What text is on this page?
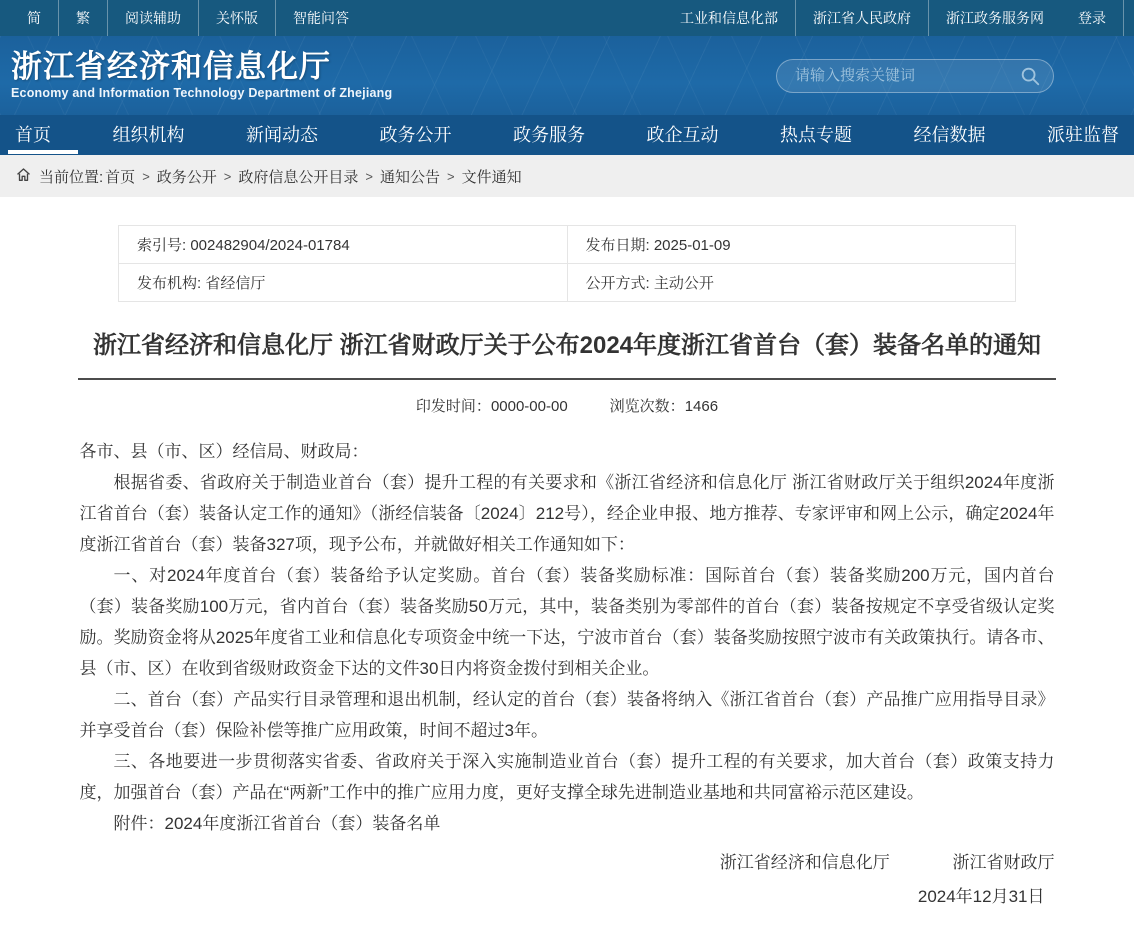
简	繁	阅读辅助	关怀版	智能问答	工业和信息化部	浙江省人民政府	浙江政务服务网	登录
浙江省经济和信息化厅
Economy and Information Technology Department of Zhejiang
请输入搜索关键词
首页	组织机构	新闻动态	政务公开	政务服务	政企互动	热点专题	经信数据	派驻监督
当前位置: 首页 > 政务公开 > 政府信息公开目录 > 通知公告 > 文件通知
索引号: 002482904/2024-01784	发布日期: 2025-01-09
发布机构: 省经信厅	公开方式: 主动公开
浙江省经济和信息化厅 浙江省财政厅关于公布2024年度浙江省首台（套）装备名单的通知
印发时间：0000-00-00	浏览次数：1466

各市、县（市、区）经信局、财政局：

根据省委、省政府关于制造业首台（套）提升工程的有关要求和《浙江省经济和信息化厅 浙江省财政厅关于组织2024年度浙江省首台（套）装备认定工作的通知》（浙经信装备〔2024〕212号），经企业申报、地方推荐、专家评审和网上公示，确定2024年度浙江省首台（套）装备327项，现予公布，并就做好相关工作通知如下：

一、对2024年度首台（套）装备给予认定奖励。首台（套）装备奖励标准：国际首台（套）装备奖励200万元，国内首台（套）装备奖励100万元，省内首台（套）装备奖励50万元，其中，装备类别为零部件的首台（套）装备按规定不享受省级认定奖励。奖励资金将从2025年度省工业和信息化专项资金中统一下达，宁波市首台（套）装备奖励按照宁波市有关政策执行。请各市、县（市、区）在收到省级财政资金下达的文件30日内将资金拨付到相关企业。

二、首台（套）产品实行目录管理和退出机制，经认定的首台（套）装备将纳入《浙江省首台（套）产品推广应用指导目录》并享受首台（套）保险补偿等推广应用政策，时间不超过3年。

三、各地要进一步贯彻落实省委、省政府关于深入实施制造业首台（套）提升工程的有关要求，加大首台（套）政策支持力度，加强首台（套）产品在“两新”工作中的推广应用力度，更好支撑全球先进制造业基地和共同富裕示范区建设。

附件：2024年度浙江省首台（套）装备名单

浙江省经济和信息化厅	浙江省财政厅
2024年12月31日
